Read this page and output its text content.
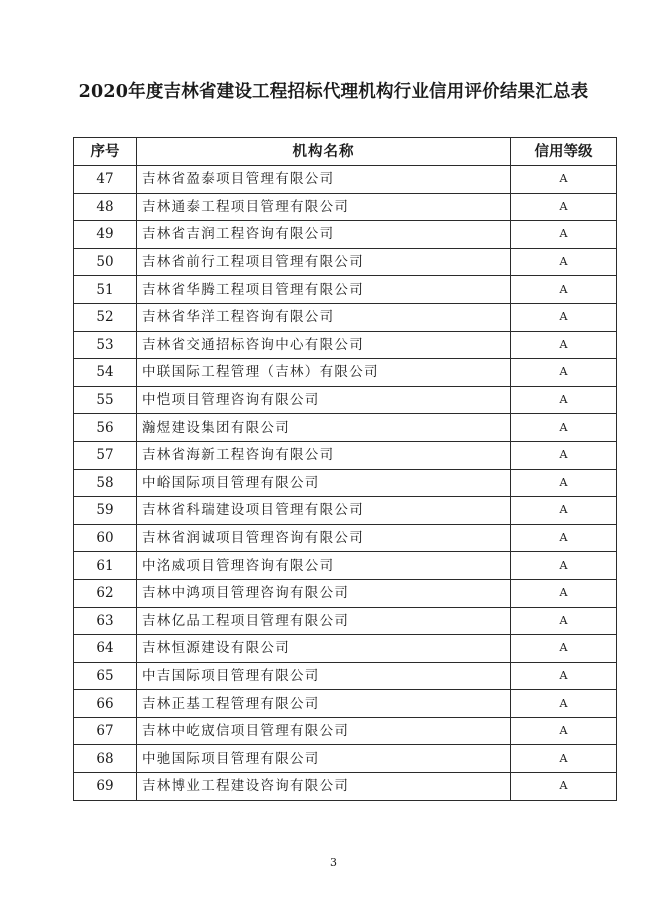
2020年度吉林省建设工程招标代理机构行业信用评价结果汇总表
序号	机构名称	信用等级
47	吉林省盈泰项目管理有限公司	A
48	吉林通泰工程项目管理有限公司	A
49	吉林省吉润工程咨询有限公司	A
50	吉林省前行工程项目管理有限公司	A
51	吉林省华腾工程项目管理有限公司	A
52	吉林省华洋工程咨询有限公司	A
53	吉林省交通招标咨询中心有限公司	A
54	中联国际工程管理（吉林）有限公司	A
55	中恺项目管理咨询有限公司	A
56	瀚煜建设集团有限公司	A
57	吉林省海新工程咨询有限公司	A
58	中峪国际项目管理有限公司	A
59	吉林省科瑞建设项目管理有限公司	A
60	吉林省润诚项目管理咨询有限公司	A
61	中洺威项目管理咨询有限公司	A
62	吉林中鸿项目管理咨询有限公司	A
63	吉林亿品工程项目管理有限公司	A
64	吉林恒源建设有限公司	A
65	中吉国际项目管理有限公司	A
66	吉林正基工程管理有限公司	A
67	吉林中屹宬信项目管理有限公司	A
68	中驰国际项目管理有限公司	A
69	吉林博业工程建设咨询有限公司	A
3
